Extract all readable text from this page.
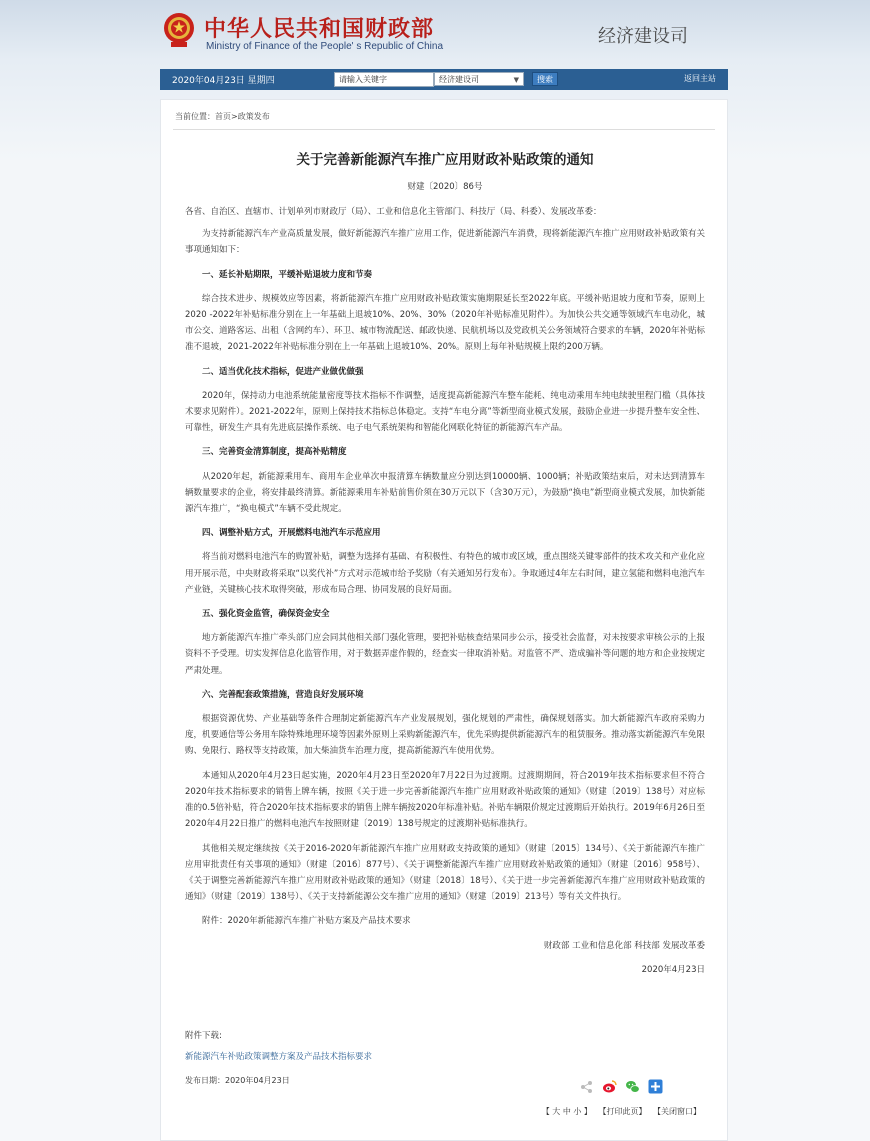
中华人民共和国财政部
Ministry of Finance of the People' s Republic of China	经济建设司
2020年04月23日 星期四
请输入关键字	经济建设司	▼	搜索	返回主站
当前位置：首页>政策发布
关于完善新能源汽车推广应用财政补贴政策的通知
财建〔2020〕86号

各省、自治区、直辖市、计划单列市财政厅（局）、工业和信息化主管部门、科技厅（局、科委）、发展改革委：

为支持新能源汽车产业高质量发展，做好新能源汽车推广应用工作，促进新能源汽车消费，现将新能源汽车推广应用财政补贴政策有关事项通知如下：

一、延长补贴期限，平缓补贴退坡力度和节奏

综合技术进步、规模效应等因素，将新能源汽车推广应用财政补贴政策实施期限延长至2022年底。平缓补贴退坡力度和节奏，原则上2020 -2022年补贴标准分别在上一年基础上退坡10%、20%、30%（2020年补贴标准见附件）。为加快公共交通等领域汽车电动化，城市公交、道路客运、出租（含网约车）、环卫、城市物流配送、邮政快递、民航机场以及党政机关公务领域符合要求的车辆，2020年补贴标准不退坡，2021-2022年补贴标准分别在上一年基础上退坡10%、20%。原则上每年补贴规模上限约200万辆。

二、适当优化技术指标，促进产业做优做强

2020年，保持动力电池系统能量密度等技术指标不作调整，适度提高新能源汽车整车能耗、纯电动乘用车纯电续驶里程门槛（具体技术要求见附件）。2021-2022年，原则上保持技术指标总体稳定。支持“车电分离”等新型商业模式发展，鼓励企业进一步提升整车安全性、可靠性，研发生产具有先进底层操作系统、电子电气系统架构和智能化网联化特征的新能源汽车产品。

三、完善资金清算制度，提高补贴精度

从2020年起，新能源乘用车、商用车企业单次申报清算车辆数量应分别达到10000辆、1000辆；补贴政策结束后，对未达到清算车辆数量要求的企业，将安排最终清算。新能源乘用车补贴前售价须在30万元以下（含30万元），为鼓励“换电”新型商业模式发展，加快新能源汽车推广，“换电模式”车辆不受此规定。

四、调整补贴方式，开展燃料电池汽车示范应用

将当前对燃料电池汽车的购置补贴，调整为选择有基础、有积极性、有特色的城市或区域，重点围绕关键零部件的技术攻关和产业化应用开展示范，中央财政将采取“以奖代补”方式对示范城市给予奖励（有关通知另行发布）。争取通过4年左右时间，建立氢能和燃料电池汽车产业链，关键核心技术取得突破，形成布局合理、协同发展的良好局面。

五、强化资金监管，确保资金安全

地方新能源汽车推广牵头部门应会同其他相关部门强化管理，要把补贴核查结果同步公示，接受社会监督，对未按要求审核公示的上报资料不予受理。切实发挥信息化监管作用，对于数据弄虚作假的，经查实一律取消补贴。对监管不严、造成骗补等问题的地方和企业按规定严肃处理。

六、完善配套政策措施，营造良好发展环境

根据资源优势、产业基础等条件合理制定新能源汽车产业发展规划，强化规划的严肃性，确保规划落实。加大新能源汽车政府采购力度，机要通信等公务用车除特殊地理环境等因素外原则上采购新能源汽车，优先采购提供新能源汽车的租赁服务。推动落实新能源汽车免限购、免限行、路权等支持政策，加大柴油货车治理力度，提高新能源汽车使用优势。

本通知从2020年4月23日起实施，2020年4月23日至2020年7月22日为过渡期。过渡期期间，符合2019年技术指标要求但不符合2020年技术指标要求的销售上牌车辆，按照《关于进一步完善新能源汽车推广应用财政补贴政策的通知》（财建〔2019〕138号）对应标准的0.5倍补贴，符合2020年技术指标要求的销售上牌车辆按2020年标准补贴。补贴车辆限价规定过渡期后开始执行。2019年6月26日至2020年4月22日推广的燃料电池汽车按照财建〔2019〕138号规定的过渡期补贴标准执行。

其他相关规定继续按《关于2016-2020年新能源汽车推广应用财政支持政策的通知》（财建〔2015〕134号）、《关于新能源汽车推广应用审批责任有关事项的通知》（财建〔2016〕877号）、《关于调整新能源汽车推广应用财政补贴政策的通知》（财建〔2016〕958号）、《关于调整完善新能源汽车推广应用财政补贴政策的通知》（财建〔2018〕18号）、《关于进一步完善新能源汽车推广应用财政补贴政策的通知》（财建〔2019〕138号）、《关于支持新能源公交车推广应用的通知》（财建〔2019〕213号）等有关文件执行。

附件：2020年新能源汽车推广补贴方案及产品技术要求

财政部 工业和信息化部 科技部 发展改革委

2020年4月23日

附件下载:
新能源汽车补贴政策调整方案及产品技术指标要求
发布日期：2020年04月23日

【 大 中 小 】 【打印此页】 【关闭窗口】
